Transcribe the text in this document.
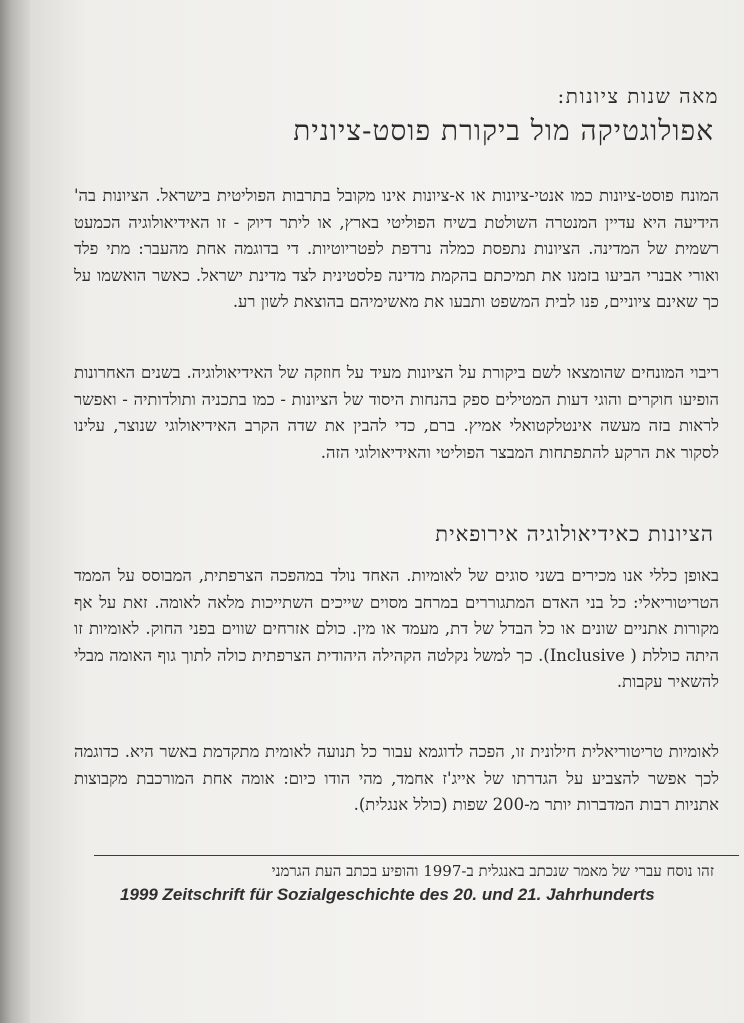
מאה שנות ציונות:
אפולוגטיקה מול ביקורת פוסט-ציונית

המונח פוסט-ציונות כמו אנטי-ציונות או א-ציונות אינו מקובל בתרבות הפוליטית בישראל. הציונות בה' הידיעה היא עדיין המנטרה השולטת בשיח הפוליטי בארץ, או ליתר דיוק - זו האידיאולוגיה הכמעט רשמית של המדינה. הציונות נתפסת כמלה נרדפת לפטריוטיות. די בדוגמה אחת מהעבר: מתי פלד ואורי אבנרי הביעו בזמנו את תמיכתם בהקמת מדינה פלסטינית לצד מדינת ישראל. כאשר הואשמו על כך שאינם ציוניים, פנו לבית המשפט ותבעו את מאשימיהם בהוצאת לשון רע.

ריבוי המונחים שהומצאו לשם ביקורת על הציונות מעיד על חוזקה של האידיאולוגיה. בשנים האחרונות הופיעו חוקרים והוגי דעות המטילים ספק בהנחות היסוד של הציונות - כמו בתכניה ותולדותיה - ואפשר לראות בזה מעשה אינטלקטואלי אמיץ. ברם, כדי להבין את שדה הקרב האידיאולוגי שנוצר, עלינו לסקור את הרקע להתפתחות המבצר הפוליטי והאידיאולוגי הזה.

הציונות כאידיאולוגיה אירופאית

באופן כללי אנו מכירים בשני סוגים של לאומיות. האחד נולד במהפכה הצרפתית, המבוסס על הממד הטריטוריאלי: כל בני האדם המתגוררים במרחב מסוים שייכים השתייכות מלאה לאומה. זאת על אף מקורות אתניים שונים או כל הבדל של דת, מעמד או מין. כולם אזרחים שווים בפני החוק. לאומיות זו היתה כוללת ( Inclusive). כך למשל נקלטה הקהילה היהודית הצרפתית כולה לתוך גוף האומה מבלי להשאיר עקבות.

לאומיות טריטוריאלית חילונית זו, הפכה לדוגמא עבור כל תנועה לאומית מתקדמת באשר היא. כדוגמה לכך אפשר להצביע על הגדרתו של אייג'ז אחמד, מהי הודו כיום: אומה אחת המורכבת מקבוצות אתניות רבות המדברות יותר מ-200 שפות (כולל אנגלית).

זהו נוסח עברי של מאמר שנכתב באנגלית ב-1997 והופיע בכתב העת הגרמני
1999 Zeitschrift für Sozialgeschichte des 20. und 21. Jahrhunderts
